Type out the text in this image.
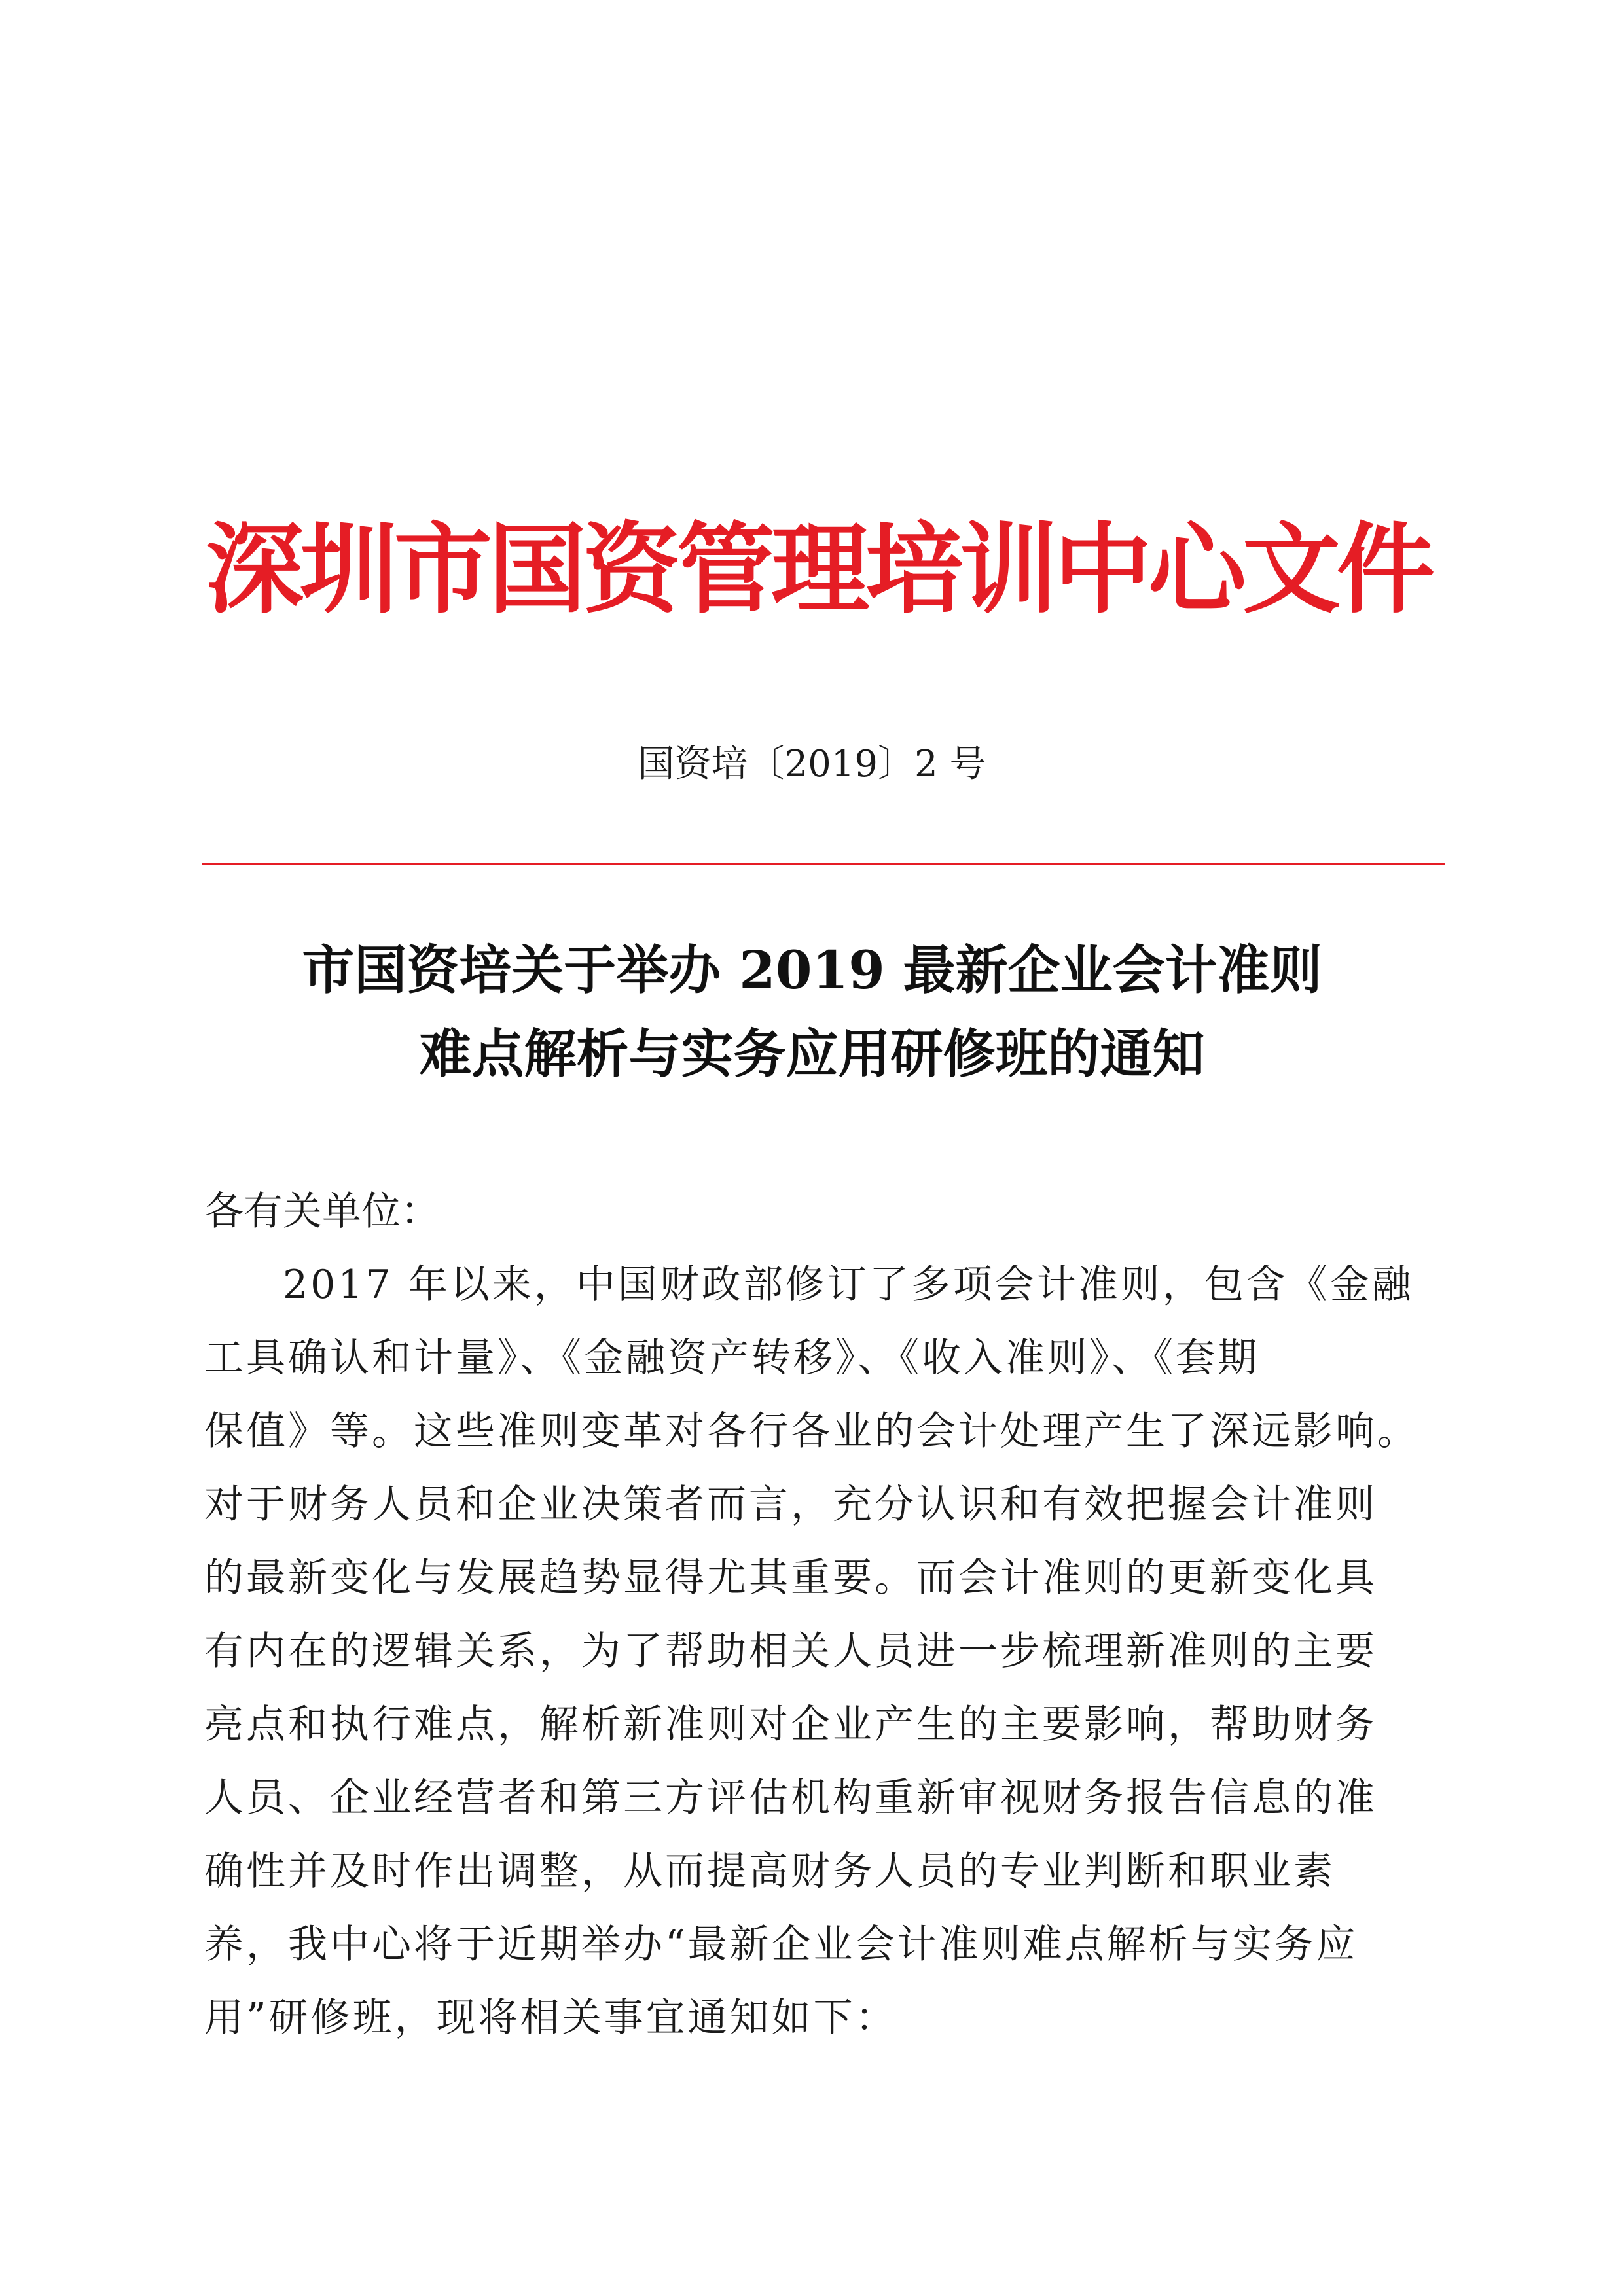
深圳市国资管理培训中心文件
国资培〔2019〕2 号
市国资培关于举办 2019 最新企业会计准则
难点解析与实务应用研修班的通知
各有关单位：
2017 年以来，中国财政部修订了多项会计准则，包含《金融
工具确认和计量》、《金融资产转移》、《收入准则》、《套期
保值》等。这些准则变革对各行各业的会计处理产生了深远影响。
对于财务人员和企业决策者而言，充分认识和有效把握会计准则
的最新变化与发展趋势显得尤其重要。而会计准则的更新变化具
有内在的逻辑关系，为了帮助相关人员进一步梳理新准则的主要
亮点和执行难点，解析新准则对企业产生的主要影响，帮助财务
人员、企业经营者和第三方评估机构重新审视财务报告信息的准
确性并及时作出调整，从而提高财务人员的专业判断和职业素
养，我中心将于近期举办“最新企业会计准则难点解析与实务应
用”研修班，现将相关事宜通知如下：
